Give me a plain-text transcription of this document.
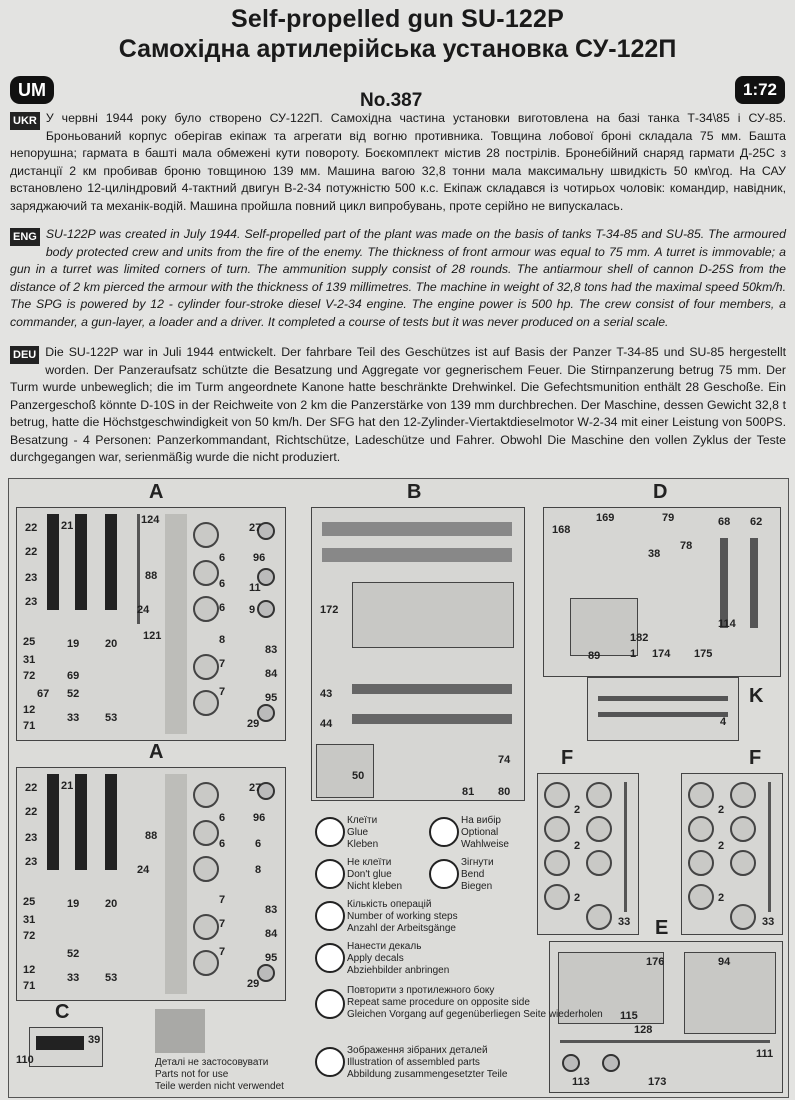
Self-propelled gun SU-122P
Самохідна артилерійська установка СУ-122П
UM	No.387
1:72
UKR У червні 1944 року було створено СУ-122П. Самохідна частина установки виготовлена на базі танка Т-34\85 і СУ-85. Броньований корпус оберігав екіпаж та агрегати від вогню противника. Товщина лобової броні складала 75 мм. Башта непорушна; гармата в башті мала обмежені кути повороту. Боєкомплект містив 28 пострілів. Бронебійний снаряд гармати Д-25С з дистанції 2 км пробивав броню товщиною 139 мм. Машина вагою 32,8 тонни мала максимальну швидкість 50 км\год. На САУ встановлено 12-циліндровий 4-тактний двигун В-2-34 потужністю 500 к.с. Екіпаж складався із чотирьох чоловік: командир, навідник, заряджаючий та механік-водій. Машина пройшла повний цикл випробувань, проте серійно не випускалась.

ENG SU-122P was created in July 1944. Self-propelled part of the plant was made on the basis of tanks T-34-85 and SU-85. The armoured body protected crew and units from the fire of the enemy. The thickness of front armour was equal to 75 mm. A turret is immovable; a gun in a turret was limited corners of turn. The ammunition supply consist of 28 rounds. The antiarmour shell of cannon D-25S from the distance of 2 km pierced the armour with the thickness of 139 millimetres. The machine in weight of 32,8 tons had the maximal speed 50km/h. The SPG is powered by 12 - cylinder four-stroke diesel V-2-34 engine. The engine power is 500 hp. The crew consist of four members, a commander, a gun-layer, a loader and a driver. It completed a course of tests but it was never produced on a serial scale.

DEU Die SU-122P war in Juli 1944 entwickelt. Der fahrbare Teil des Geschützes ist auf Basis der Panzer T-34-85 und SU-85 hergestellt worden. Der Panzeraufsatz schützte die Besatzung und Aggregate vor gegnerischem Feuer. Die Stirnpanzerung betrug 75 mm. Der Turm wurde unbeweglich; die im Turm angeordnete Kanone hatte beschränkte Drehwinkel. Die Gefechtsmunition enthält 28 Geschoße. Ein Panzergeschoß könnte D-10S in der Reichweite von 2 km die Panzerstärke von 139 mm durchbrechen. Der Maschine, dessen Gewicht 32,8 t betrug, hatte die Höchstgeschwindigkeit von 50 km/h. Der SFG hat den 12-Zylinder-Viertaktdieselmotor W-2-34 mit einer Leistung von 500PS. Besatzung - 4 Personen: Panzerkommandant, Richtschütze, Ladeschütze und Fahrer. Obwohl Die Maschine den vollen Zyklus der Teste durchgegangen war, serienmäßig wurde die nicht produziert.

A
22 21
22
23
23
124
27
6	96
88
6 11
24	6 9
121	8
25	19 20
31	7
83
72	69
67 52	7
84
12
33 53
95
71	29
A
22 21
22
23
23
27
6	96
88
6	6
8
24
7
25	19 20
31	7
83
72	84
12
52	95
71
33 53	29
7
C
39
110	Деталі не застосовувати
Parts not for use
Teile werden nicht verwendet
B
172
43
44
50
74
81 80
D
168
169	79	68 62
38
78
114
89	175
182
174
1
K
4
F
2
2
2
33
F
2
2
2
33
E
176	94
115
128
111
113	173
Клеїти
Glue
Kleben
На вибір
Optional
Wahlweise
Не клеїти
Don't glue
Nicht kleben
Зігнути
Bend
Biegen
Кількість операцій
Number of working steps
Anzahl der Arbeitsgänge
Нанести декаль
Apply decals
Abziehbilder anbringen
Повторити з протилежного боку
Repeat same procedure on opposite side
Gleichen Vorgang auf gegenüberliegen Seite wiederholen
Зображення зібраних деталей
Illustration of assembled parts
Abbildung zusammengesetzter Teile
